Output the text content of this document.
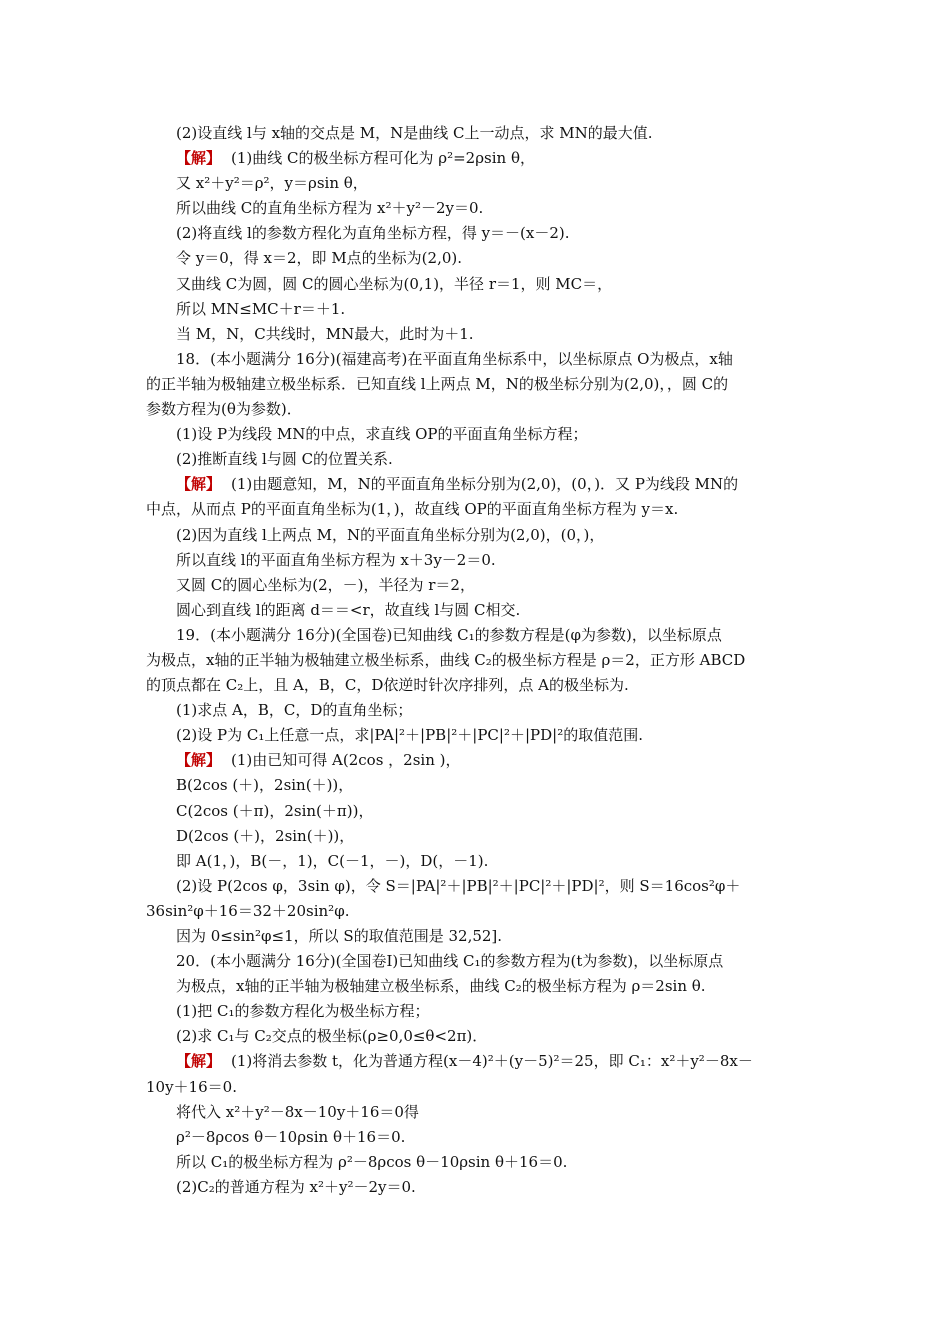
(2)设直线 l与 x轴的交点是 M，N是曲线 C上一动点，求 MN的最大值.
【解】 (1)曲线 C的极坐标方程可化为 ρ²=2ρsin θ，
又 x²＋y²＝ρ²，y＝ρsin θ，
所以曲线 C的直角坐标方程为 x²＋y²－2y＝0.
(2)将直线 l的参数方程化为直角坐标方程，得 y＝－(x－2).
令 y＝0，得 x＝2，即 M点的坐标为(2,0).
又曲线 C为圆，圆 C的圆心坐标为(0,1)，半径 r＝1，则 MC＝，
所以 MN≤MC＋r＝＋1.
当 M，N，C共线时，MN最大，此时为＋1.
18．(本小题满分 16分)(福建高考)在平面直角坐标系中，以坐标原点 O为极点，x轴
的正半轴为极轴建立极坐标系．已知直线 l上两点 M，N的极坐标分别为(2,0)，，圆 C的
参数方程为(θ为参数)．
(1)设 P为线段 MN的中点，求直线 OP的平面直角坐标方程；
(2)推断直线 l与圆 C的位置关系.
【解】 (1)由题意知，M，N的平面直角坐标分别为(2,0)，(0，)．又 P为线段 MN的
中点，从而点 P的平面直角坐标为(1，)，故直线 OP的平面直角坐标方程为 y＝x.
(2)因为直线 l上两点 M，N的平面直角坐标分别为(2,0)，(0，)，
所以直线 l的平面直角坐标方程为 x＋3y－2＝0.
又圆 C的圆心坐标为(2，－)，半径为 r＝2，
圆心到直线 l的距离 d＝＝<r，故直线 l与圆 C相交.
19．(本小题满分 16分)(全国卷)已知曲线 C₁的参数方程是(φ为参数)，以坐标原点
为极点，x轴的正半轴为极轴建立极坐标系，曲线 C₂的极坐标方程是 ρ＝2，正方形 ABCD
的顶点都在 C₂上，且 A，B，C，D依逆时针次序排列，点 A的极坐标为.
(1)求点 A，B，C，D的直角坐标；
(2)设 P为 C₁上任意一点，求|PA|²＋|PB|²＋|PC|²＋|PD|²的取值范围.
【解】 (1)由已知可得 A(2cos ，2sin )，
B(2cos (＋)，2sin(＋))，
C(2cos (＋π)，2sin(＋π))，
D(2cos (＋)，2sin(＋))，
即 A(1，)，B(－，1)，C(－1，－)，D(，－1).
(2)设 P(2cos φ，3sin φ)，令 S＝|PA|²＋|PB|²＋|PC|²＋|PD|²，则 S＝16cos²φ＋
36sin²φ＋16＝32＋20sin²φ.
因为 0≤sin²φ≤1，所以 S的取值范围是 32,52].
20．(本小题满分 16分)(全国卷Ⅰ)已知曲线 C₁的参数方程为(t为参数)，以坐标原点
为极点，x轴的正半轴为极轴建立极坐标系，曲线 C₂的极坐标方程为 ρ＝2sin θ.
(1)把 C₁的参数方程化为极坐标方程；
(2)求 C₁与 C₂交点的极坐标(ρ≥0,0≤θ<2π)．
【解】 (1)将消去参数 t，化为普通方程(x－4)²＋(y－5)²＝25，即 C₁：x²＋y²－8x－
10y＋16＝0.
将代入 x²＋y²－8x－10y＋16＝0得
ρ²－8ρcos θ－10ρsin θ＋16＝0.
所以 C₁的极坐标方程为 ρ²－8ρcos θ－10ρsin θ＋16＝0.
(2)C₂的普通方程为 x²＋y²－2y＝0.
